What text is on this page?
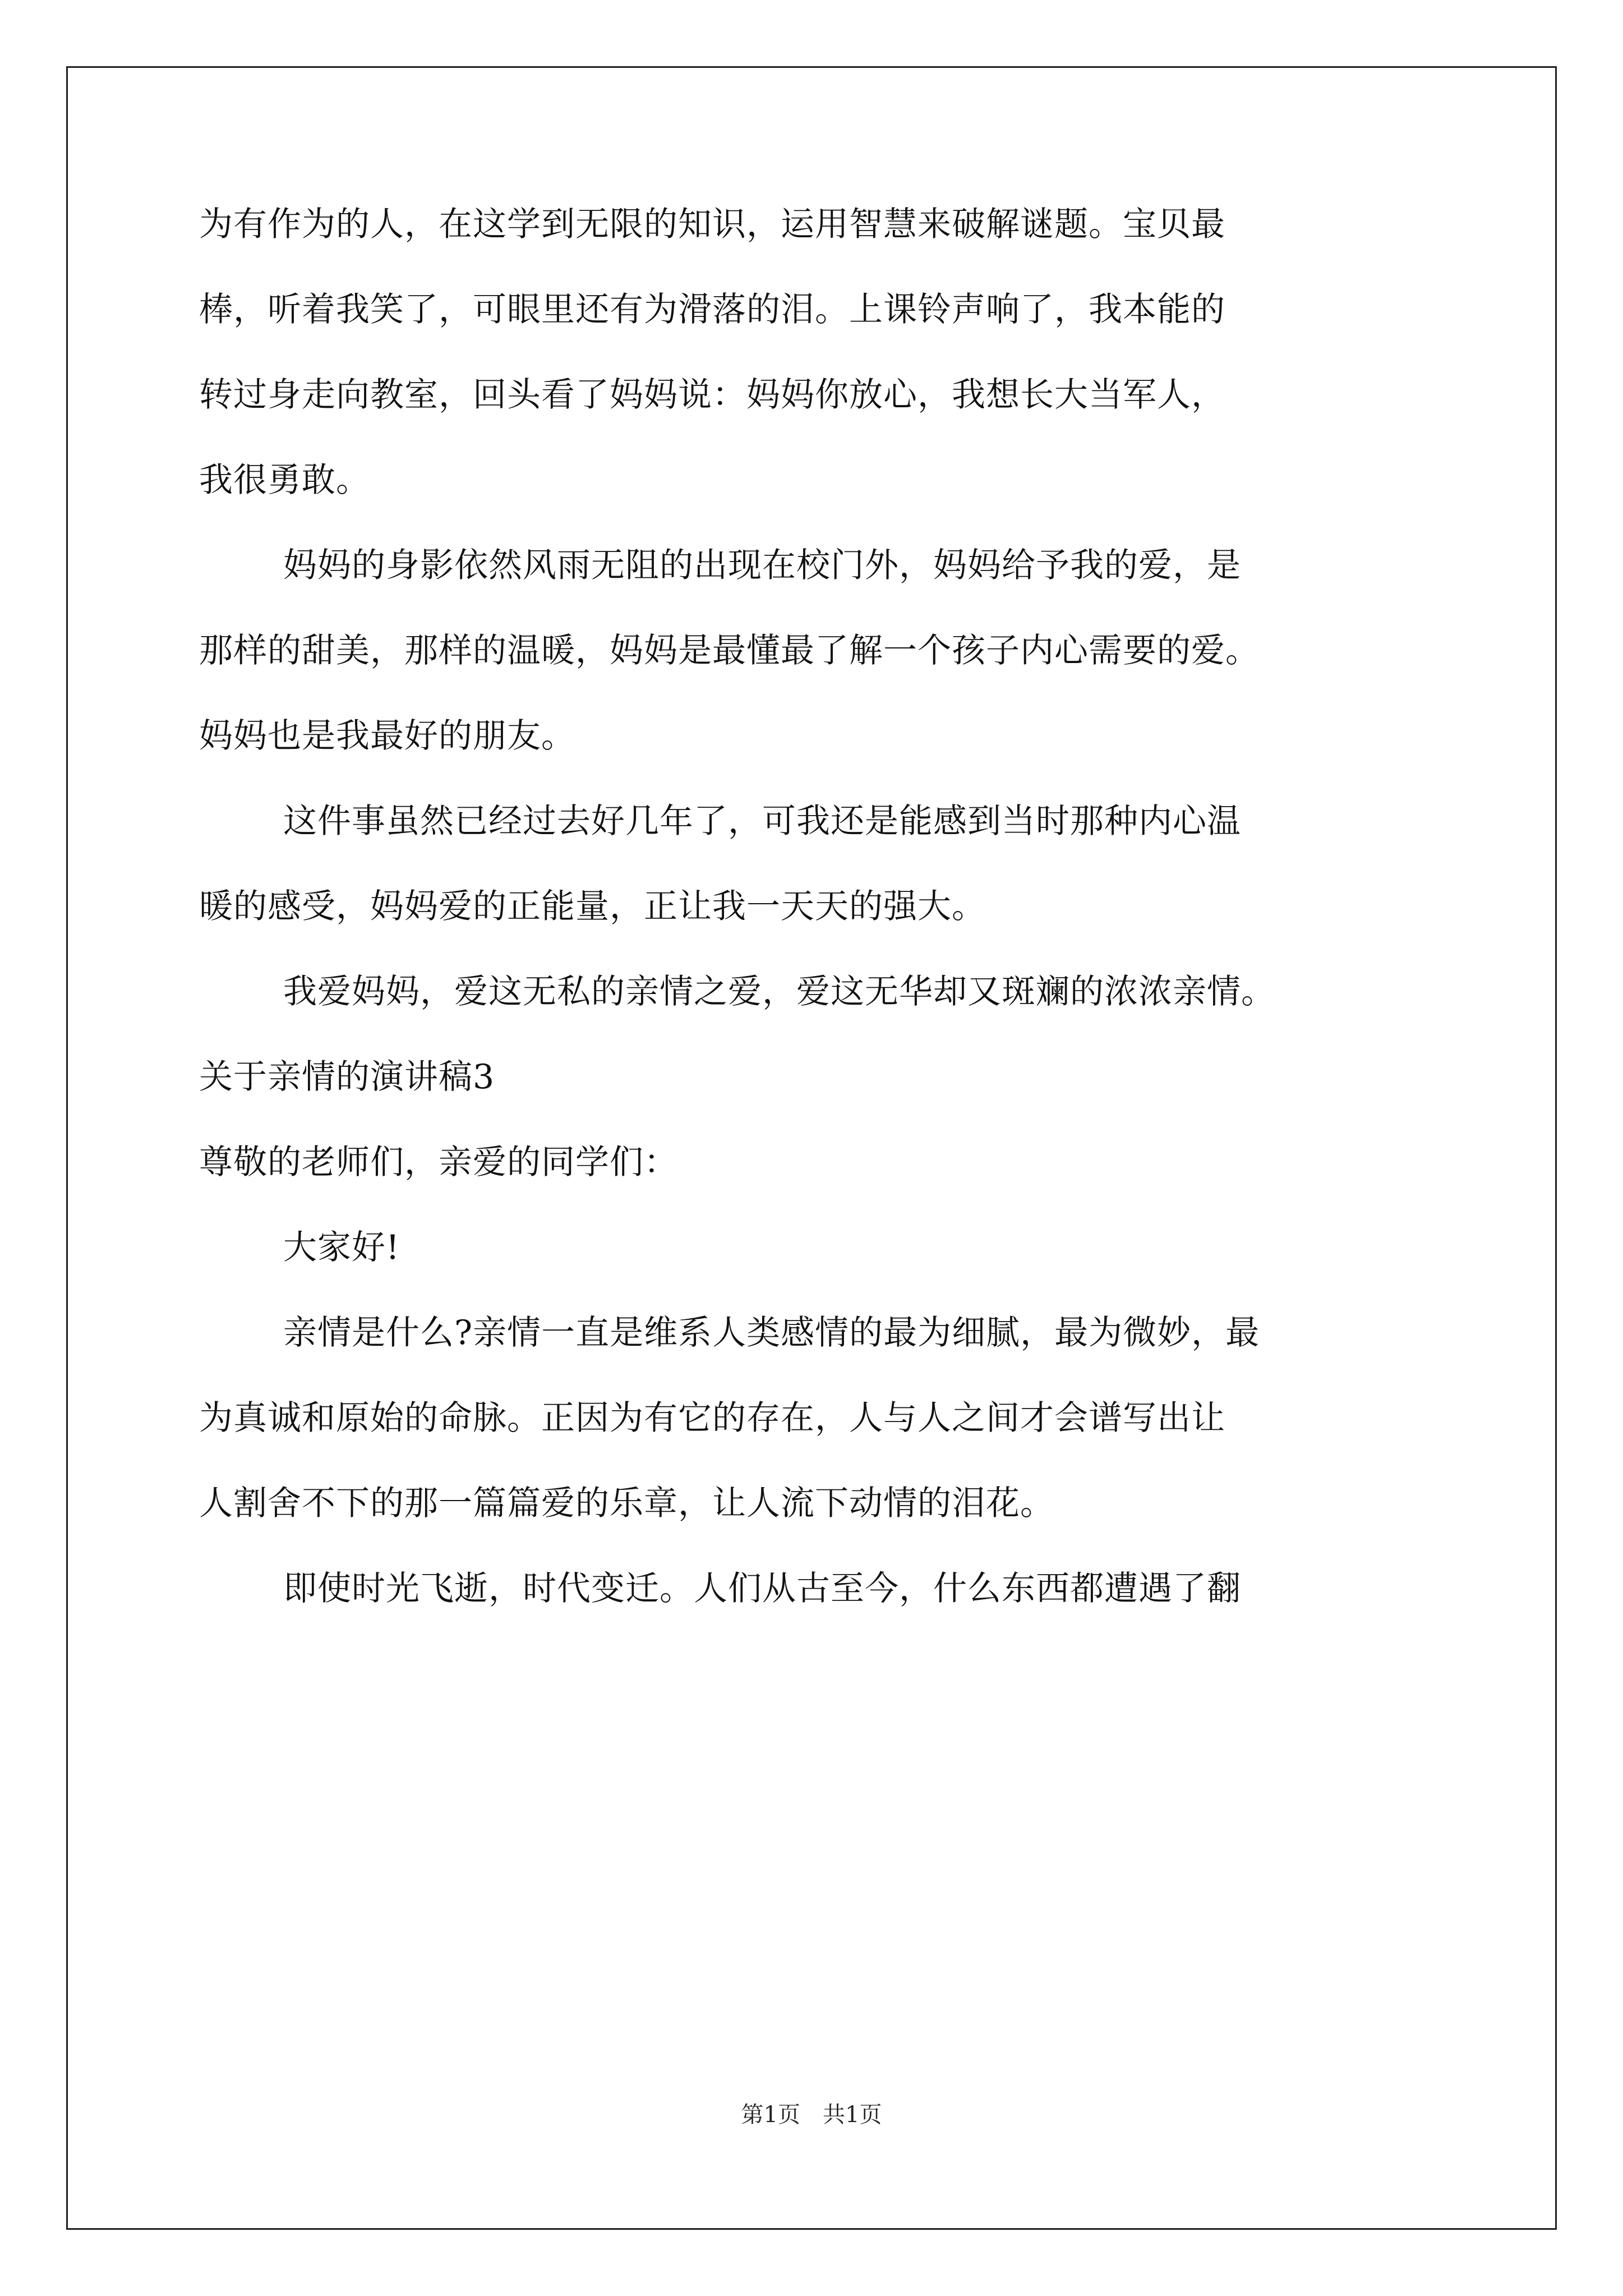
为有作为的人，在这学到无限的知识，运用智慧来破解谜题。宝贝最
棒，听着我笑了，可眼里还有为滑落的泪。上课铃声响了，我本能的
转过身走向教室，回头看了妈妈说：妈妈你放心，我想长大当军人，
我很勇敢。
妈妈的身影依然风雨无阻的出现在校门外，妈妈给予我的爱，是
那样的甜美，那样的温暖，妈妈是最懂最了解一个孩子内心需要的爱。
妈妈也是我最好的朋友。
这件事虽然已经过去好几年了，可我还是能感到当时那种内心温
暖的感受，妈妈爱的正能量，正让我一天天的强大。
我爱妈妈，爱这无私的亲情之爱，爱这无华却又斑斓的浓浓亲情。
关于亲情的演讲稿3
尊敬的老师们，亲爱的同学们：
大家好!
亲情是什么?亲情一直是维系人类感情的最为细腻，最为微妙，最
为真诚和原始的命脉。正因为有它的存在，人与人之间才会谱写出让
人割舍不下的那一篇篇爱的乐章，让人流下动情的泪花。
即使时光飞逝，时代变迁。人们从古至今，什么东西都遭遇了翻
第1页　共1页
